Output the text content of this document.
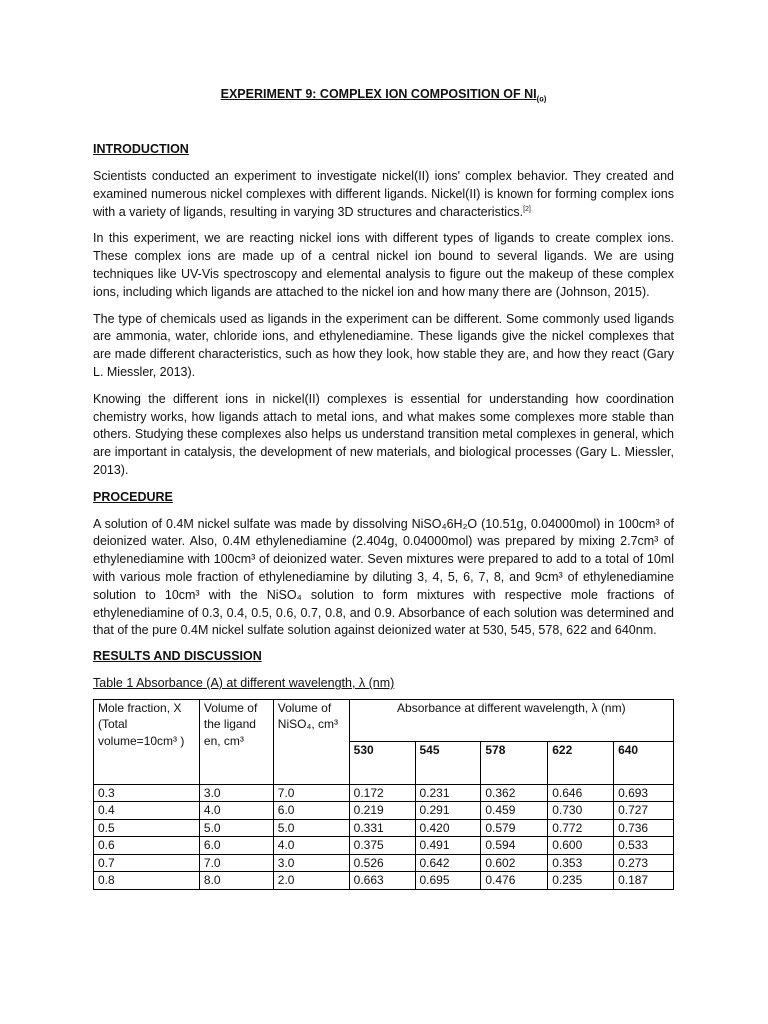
EXPERIMENT 9: COMPLEX ION COMPOSITION OF $NI_{(c)}$
INTRODUCTION

Scientists conducted an experiment to investigate nickel(II) ions' complex behavior. They created and examined numerous nickel complexes with different ligands. Nickel(II) is known for forming complex ions with a variety of ligands, resulting in varying 3D structures and characteristics.[2]

In this experiment, we are reacting nickel ions with different types of ligands to create complex ions. These complex ions are made up of a central nickel ion bound to several ligands. We are using techniques like UV-Vis spectroscopy and elemental analysis to figure out the makeup of these complex ions, including which ligands are attached to the nickel ion and how many there are (Johnson, 2015).

The type of chemicals used as ligands in the experiment can be different. Some commonly used ligands are ammonia, water, chloride ions, and ethylenediamine. These ligands give the nickel complexes that are made different characteristics, such as how they look, how stable they are, and how they react (Gary L. Miessler, 2013).

Knowing the different ions in nickel(II) complexes is essential for understanding how coordination chemistry works, how ligands attach to metal ions, and what makes some complexes more stable than others. Studying these complexes also helps us understand transition metal complexes in general, which are important in catalysis, the development of new materials, and biological processes (Gary L. Miessler, 2013).

PROCEDURE

A solution of 0.4M nickel sulfate was made by dissolving NiSO₄6H₂O (10.51g, 0.04000mol) in 100cm³ of deionized water. Also, 0.4M ethylenediamine (2.404g, 0.04000mol) was prepared by mixing 2.7cm³ of ethylenediamine with 100cm³ of deionized water. Seven mixtures were prepared to add to a total of 10ml with various mole fraction of ethylenediamine by diluting 3, 4, 5, 6, 7, 8, and 9cm³ of ethylenediamine solution to 10cm³ with the NiSO₄ solution to form mixtures with respective mole fractions of ethylenediamine of 0.3, 0.4, 0.5, 0.6, 0.7, 0.8, and 0.9. Absorbance of each solution was determined and that of the pure 0.4M nickel sulfate solution against deionized water at 530, 545, 578, 622 and 640nm.

RESULTS AND DISCUSSION
Table 1 Absorbance (A) at different wavelength, λ (nm)
Mole fraction, X (Total volume=10cm³ )	Volume of the ligand en, cm³	Volume of NiSO₄, cm³	Absorbance at different wavelength, λ (nm)				
			530	545	578	622	640
0.3	3.0	7.0	0.172	0.231	0.362	0.646	0.693
0.4	4.0	6.0	0.219	0.291	0.459	0.730	0.727
0.5	5.0	5.0	0.331	0.420	0.579	0.772	0.736
0.6	6.0	4.0	0.375	0.491	0.594	0.600	0.533
0.7	7.0	3.0	0.526	0.642	0.602	0.353	0.273
0.8	8.0	2.0	0.663	0.695	0.476	0.235	0.187
